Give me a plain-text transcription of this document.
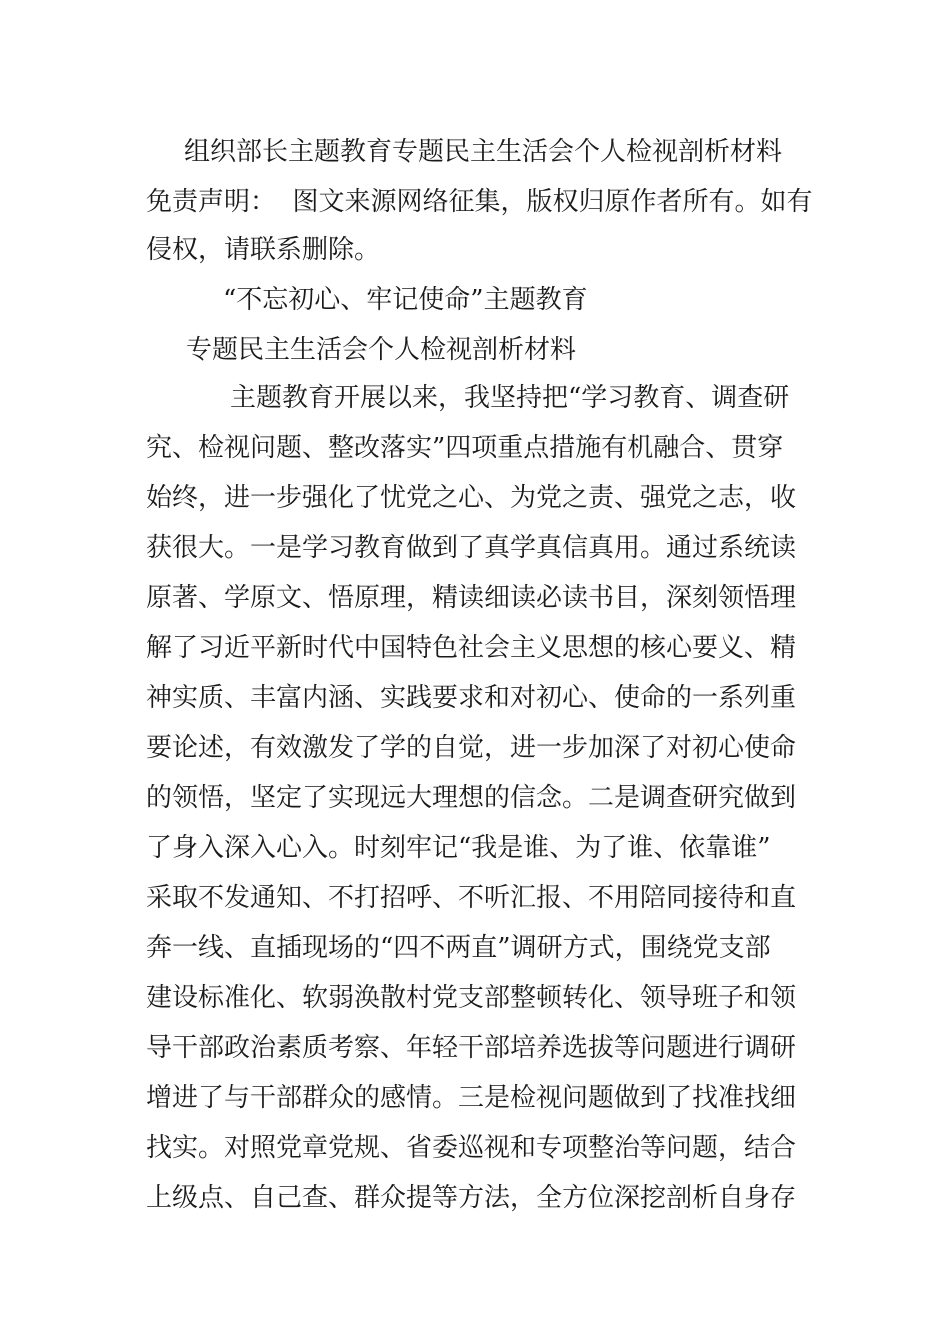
组织部长主题教育专题民主生活会个人检视剖析材料

免责声明：  图文来源网络征集，版权归原作者所有。如有

侵权，请联系删除。

“不忘初心、牢记使命”主题教育

专题民主生活会个人检视剖析材料

主题教育开展以来，我坚持把“学习教育、调查研

究、检视问题、整改落实”四项重点措施有机融合、贯穿

始终，进一步强化了忧党之心、为党之责、强党之志，收

获很大。一是学习教育做到了真学真信真用。通过系统读

原著、学原文、悟原理，精读细读必读书目，深刻领悟理

解了习近平新时代中国特色社会主义思想的核心要义、精

神实质、丰富内涵、实践要求和对初心、使命的一系列重

要论述，有效激发了学的自觉，进一步加深了对初心使命

的领悟，坚定了实现远大理想的信念。二是调查研究做到

了身入深入心入。时刻牢记“我是谁、为了谁、依靠谁”

采取不发通知、不打招呼、不听汇报、不用陪同接待和直

奔一线、直插现场的“四不两直”调研方式，围绕党支部

建设标准化、软弱涣散村党支部整顿转化、领导班子和领

导干部政治素质考察、年轻干部培养选拔等问题进行调研

增进了与干部群众的感情。三是检视问题做到了找准找细

找实。对照党章党规、省委巡视和专项整治等问题，结合

上级点、自己查、群众提等方法，全方位深挖剖析自身存
